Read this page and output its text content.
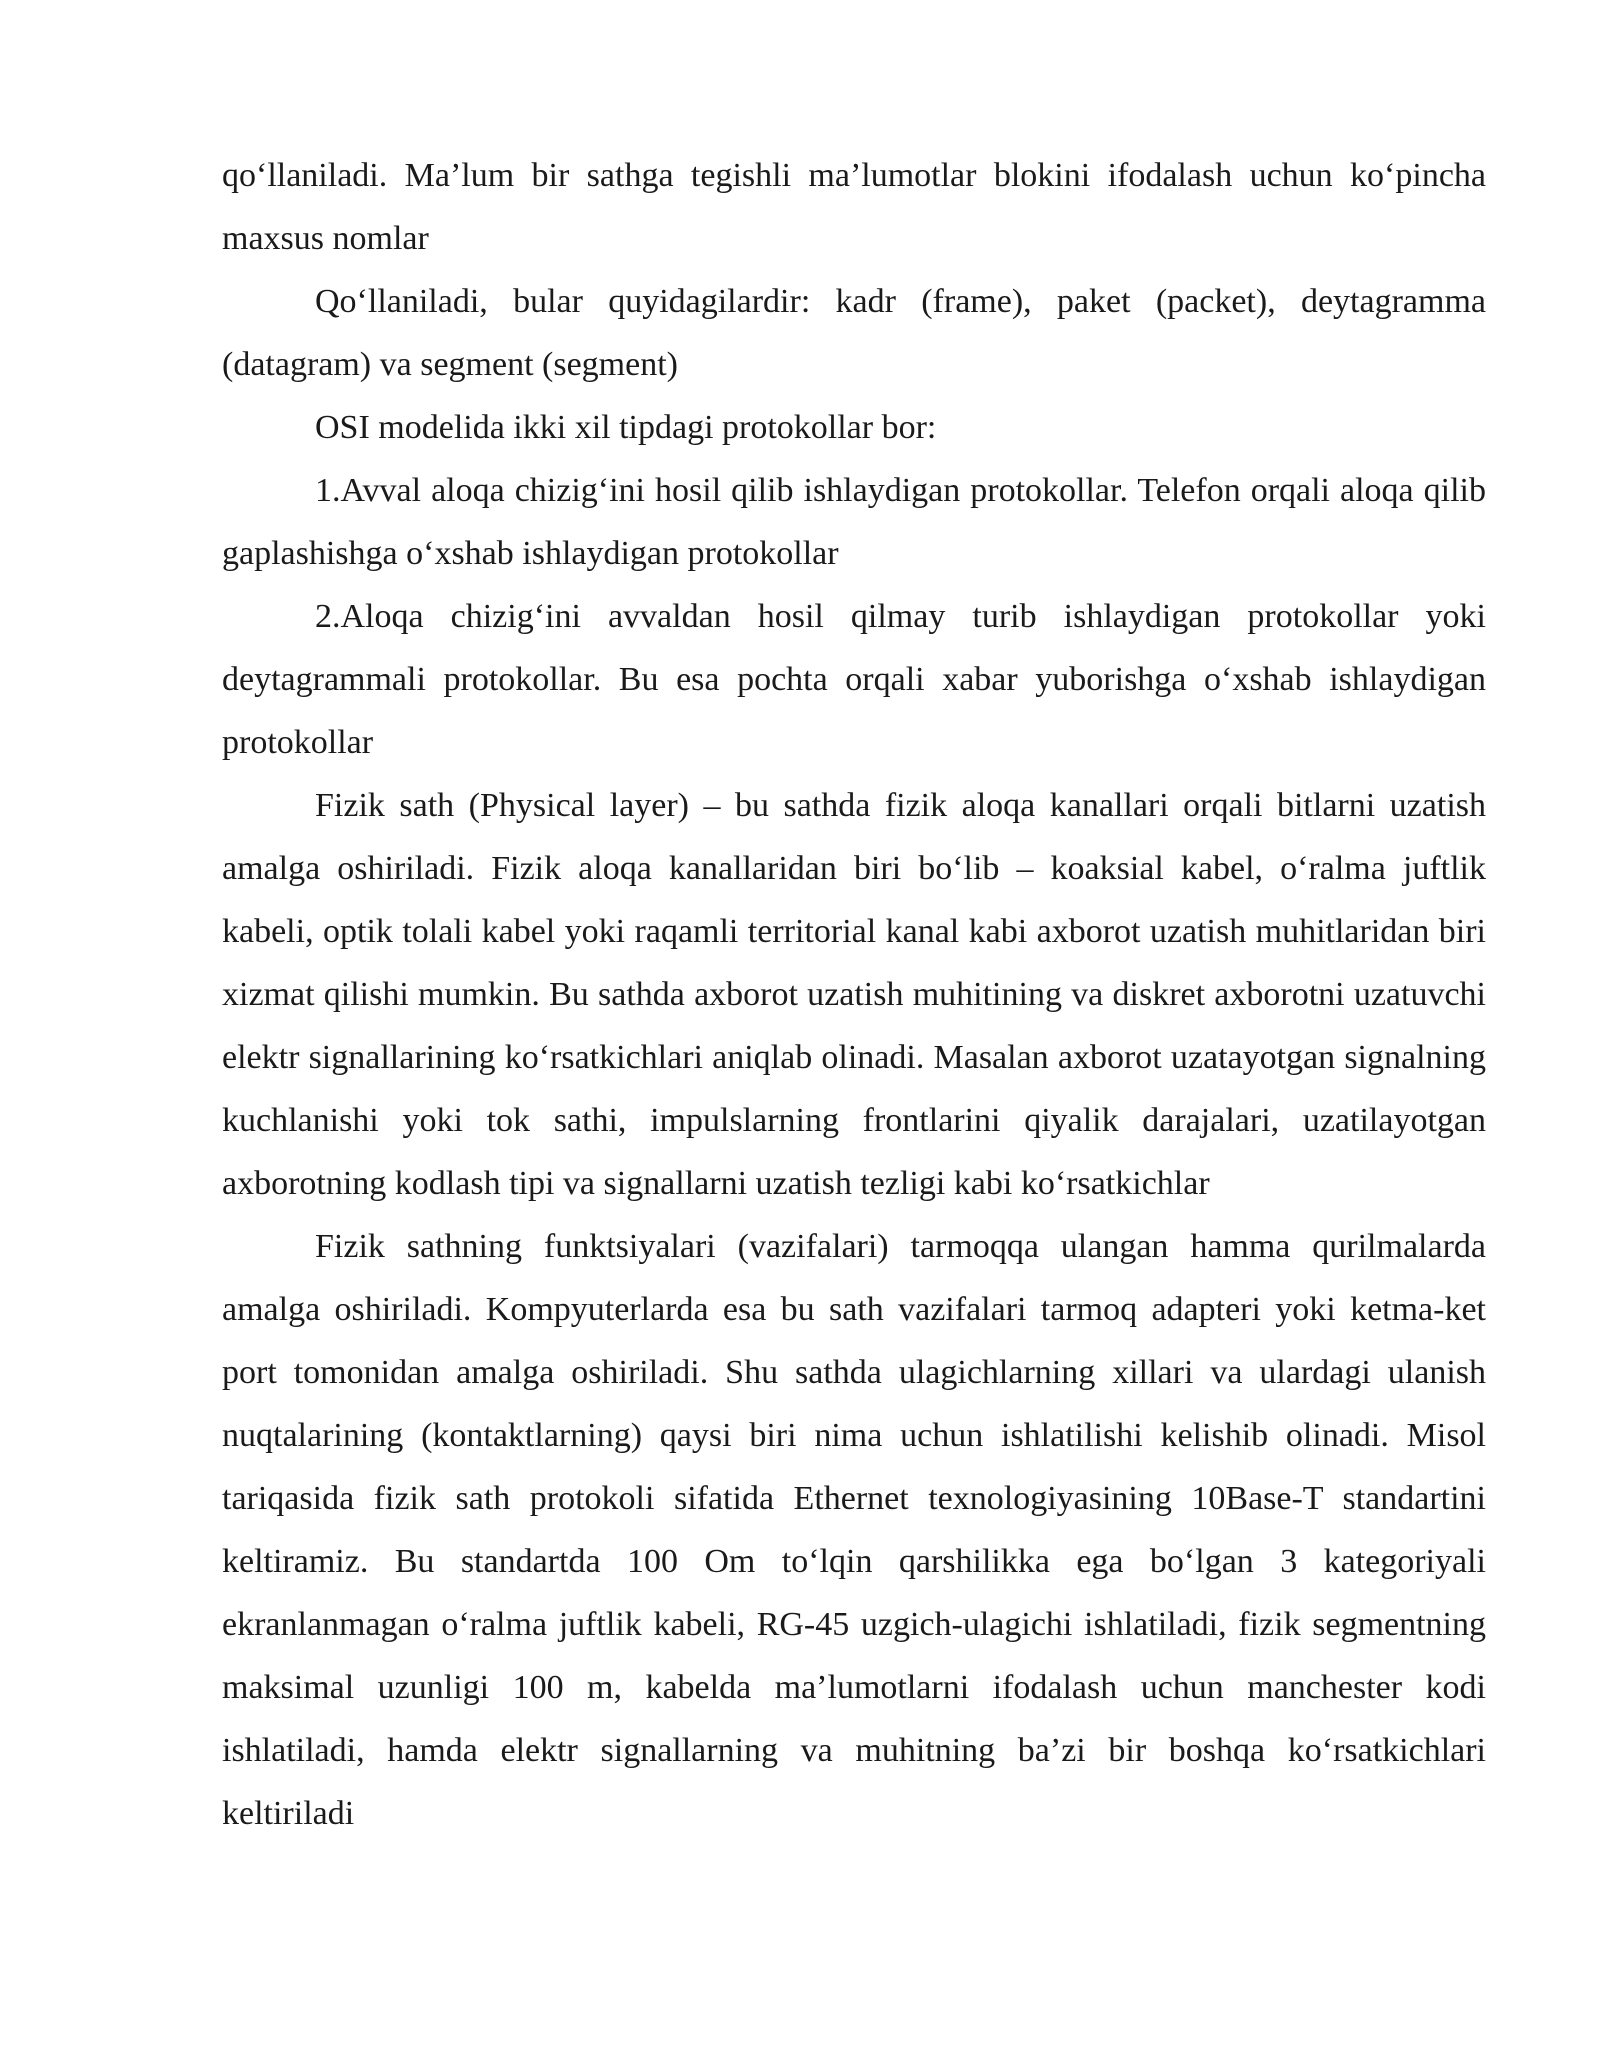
qo‘llaniladi. Ma’lum bir sathga tegishli ma’lumotlar blokini ifodalash uchun ko‘pincha maxsus nomlar

Qo‘llaniladi, bular quyidagilardir: kadr (frame), paket (packet), deytagramma (datagram) va segment (segment)

OSI modelida ikki xil tipdagi protokollar bor:

1.Avval aloqa chizig‘ini hosil qilib ishlaydigan protokollar. Telefon orqali aloqa qilib gaplashishga o‘xshab ishlaydigan protokollar

2.Aloqa chizig‘ini avvaldan hosil qilmay turib ishlaydigan protokollar yoki deytagrammali protokollar. Bu esa pochta orqali xabar yuborishga o‘xshab ishlaydigan protokollar

Fizik sath (Physical layer) – bu sathda fizik aloqa kanallari orqali bitlarni uzatish amalga oshiriladi. Fizik aloqa kanallaridan biri bo‘lib – koaksial kabel, o‘ralma juftlik kabeli, optik tolali kabel yoki raqamli territorial kanal kabi axborot uzatish muhitlaridan biri xizmat qilishi mumkin. Bu sathda axborot uzatish muhitining va diskret axborotni uzatuvchi elektr signallarining ko‘rsatkichlari aniqlab olinadi. Masalan axborot uzatayotgan signalning kuchlanishi yoki tok sathi, impulslarning frontlarini qiyalik darajalari, uzatilayotgan axborotning kodlash tipi va signallarni uzatish tezligi kabi ko‘rsatkichlar

Fizik sathning funktsiyalari (vazifalari) tarmoqqa ulangan hamma qurilmalarda amalga oshiriladi. Kompyuterlarda esa bu sath vazifalari tarmoq adapteri yoki ketma-ket port tomonidan amalga oshiriladi. Shu sathda ulagichlarning xillari va ulardagi ulanish nuqtalarining (kontaktlarning) qaysi biri nima uchun ishlatilishi kelishib olinadi. Misol tariqasida fizik sath protokoli sifatida Ethernet texnologiyasining 10Base-T standartini keltiramiz. Bu standartda 100 Om to‘lqin qarshilikka ega bo‘lgan 3 kategoriyali ekranlanmagan o‘ralma juftlik kabeli, RG-45 uzgich-ulagichi ishlatiladi, fizik segmentning maksimal uzunligi 100 m, kabelda ma’lumotlarni ifodalash uchun manchester kodi ishlatiladi, hamda elektr signallarning va muhitning ba’zi bir boshqa ko‘rsatkichlari keltiriladi
